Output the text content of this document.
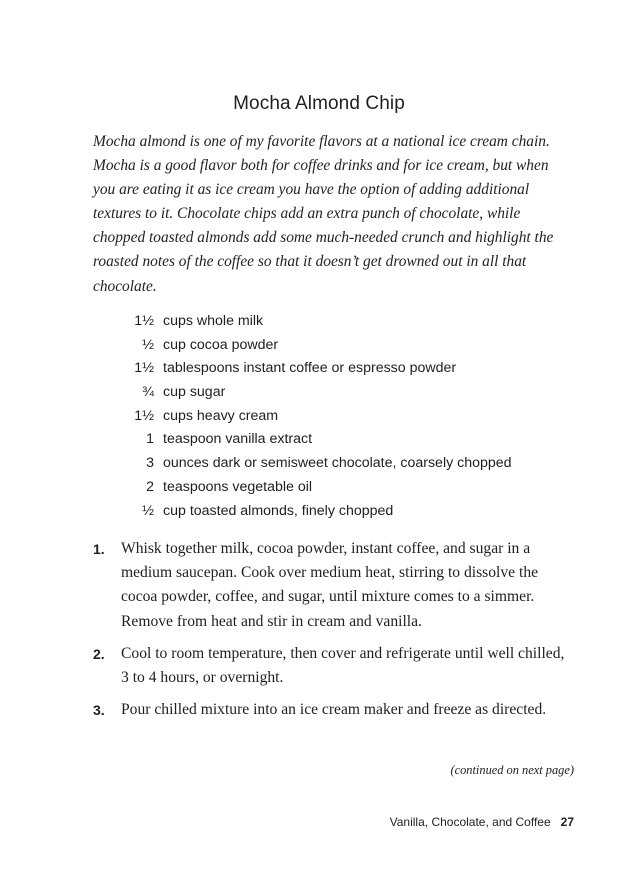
Mocha Almond Chip

Mocha almond is one of my favorite flavors at a national ice cream chain. Mocha is a good flavor both for coffee drinks and for ice cream, but when you are eating it as ice cream you have the option of adding additional textures to it. Chocolate chips add an extra punch of chocolate, while chopped toasted almonds add some much-needed crunch and highlight the roasted notes of the coffee so that it doesn’t get drowned out in all that chocolate.

1½ cups whole milk
½ cup cocoa powder
1½ tablespoons instant coffee or espresso powder
¾ cup sugar
1½ cups heavy cream
1 teaspoon vanilla extract
3 ounces dark or semisweet chocolate, coarsely chopped
2 teaspoons vegetable oil
½ cup toasted almonds, finely chopped
1.	Whisk together milk, cocoa powder, instant coffee, and sugar in a medium saucepan. Cook over medium heat, stirring to dissolve the cocoa powder, coffee, and sugar, until mixture comes to a simmer. Remove from heat and stir in cream and vanilla.
2.	Cool to room temperature, then cover and refrigerate until well chilled, 3 to 4 hours, or overnight.
3.	Pour chilled mixture into an ice cream maker and freeze as directed.
(continued on next page)
Vanilla, Chocolate, and Coffee 27
